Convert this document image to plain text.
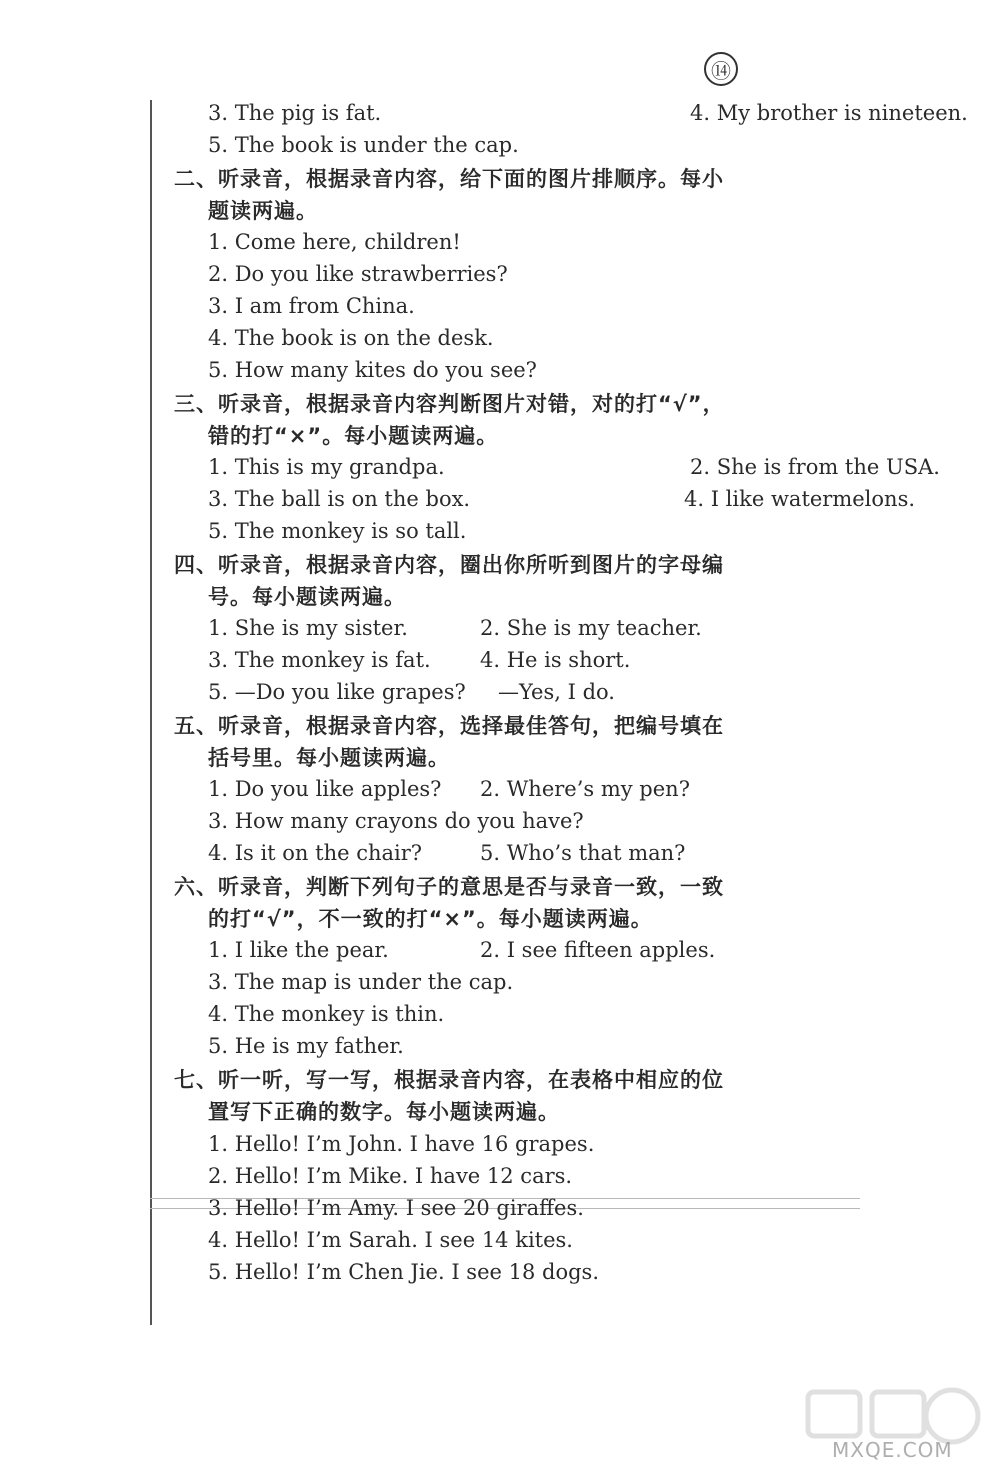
⑭
3. The pig is fat.	4. My brother is nineteen.
5. The book is under the cap.
二、听录音，根据录音内容，给下面的图片排顺序。每小
题读两遍。
1. Come here, children!
2. Do you like strawberries?
3. I am from China.
4. The book is on the desk.
5. How many kites do you see?
三、听录音，根据录音内容判断图片对错，对的打“√”，
错的打“×”。每小题读两遍。
1. This is my grandpa.	2. She is from the USA.
3. The ball is on the box.	4. I like watermelons.
5. The monkey is so tall.
四、听录音，根据录音内容，圈出你所听到图片的字母编
号。每小题读两遍。
1. She is my sister.	2. She is my teacher.
3. The monkey is fat. 4. He is short.
5. —Do you like grapes? —Yes, I do.
五、听录音，根据录音内容，选择最佳答句，把编号填在
括号里。每小题读两遍。
1. Do you like apples? 2. Where’s my pen?
3. How many crayons do you have?
4. Is it on the chair?	5. Who’s that man?
六、听录音，判断下列句子的意思是否与录音一致，一致
的打“√”，不一致的打“×”。每小题读两遍。
1. I like the pear.	2. I see fifteen apples.
3. The map is under the cap.
4. The monkey is thin.
5. He is my father.
七、听一听，写一写，根据录音内容，在表格中相应的位
置写下正确的数字。每小题读两遍。
1. Hello! I’m John. I have 16 grapes.
2. Hello! I’m Mike. I have 12 cars.
3. Hello! I’m Amy. I see 20 giraffes.
4. Hello! I’m Sarah. I see 14 kites.
5. Hello! I’m Chen Jie. I see 18 dogs.
MXQE.COM
